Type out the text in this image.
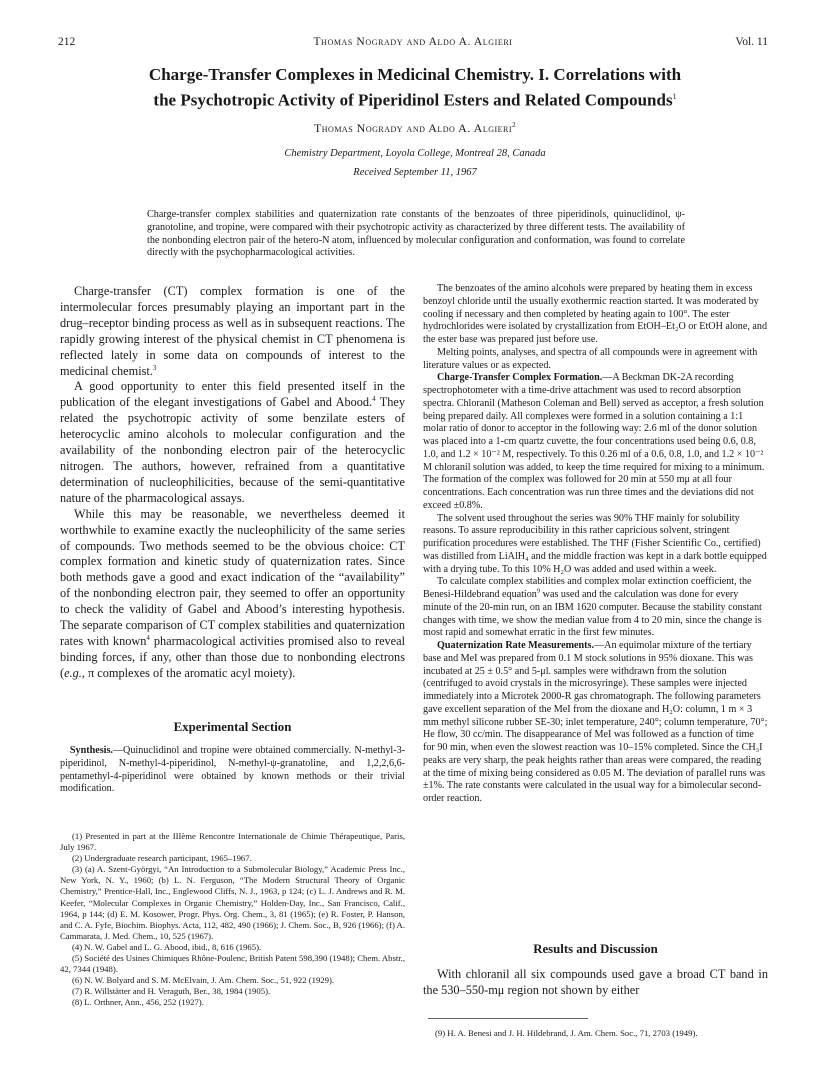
212	Thomas Nogrady and Aldo A. Algieri	Vol. 11
Charge-Transfer Complexes in Medicinal Chemistry. I. Correlations with
the Psychotropic Activity of Piperidinol Esters and Related Compounds$^1$
Thomas Nogrady and Aldo A. Algieri$^2$
Chemistry Department, Loyola College, Montreal 28, Canada
Received September 11, 1967
Charge-transfer complex stabilities and quaternization rate constants of the benzoates of three piperidinols, quinuclidinol, ψ-granotoline, and tropine, were compared with their psychotropic activity as characterized by three different tests. The availability of the nonbonding electron pair of the hetero-N atom, influenced by molecular configuration and conformation, was found to correlate directly with the psychopharmacological activities.

Charge-transfer (CT) complex formation is one of the intermolecular forces presumably playing an important part in the drug–receptor binding process as well as in subsequent reactions. The rapidly growing interest of the physical chemist in CT phenomena is reflected lately in some data on compounds of interest to the medicinal chemist.$^3$

A good opportunity to enter this field presented itself in the publication of the elegant investigations of Gabel and Abood.$^4$ They related the psychotropic activity of some benzilate esters of heterocyclic amino alcohols to molecular configuration and the availability of the nonbonding electron pair of the heterocyclic nitrogen. The authors, however, refrained from a quantitative determination of nucleophilicities, because of the semi-quantitative nature of the pharmacological assays.

While this may be reasonable, we nevertheless deemed it worthwhile to examine exactly the nucleophilicity of the same series of compounds. Two methods seemed to be the obvious choice: CT complex formation and kinetic study of quaternization rates. Since both methods gave a good and exact indication of the “availability” of the nonbonding electron pair, they seemed to offer an opportunity to check the validity of Gabel and Abood’s interesting hypothesis. The separate comparison of CT complex stabilities and quaternization rates with known$^4$ pharmacological activities promised also to reveal binding forces, if any, other than those due to nonbonding electrons (e.g., π complexes of the aromatic acyl moiety).

Experimental Section
Synthesis.—Quinuclidinol and tropine were obtained commercially. N-methyl-3-piperidinol, N-methyl-4-piperidinol, N-methyl-ψ-granatoline, and 1,2,2,6,6-pentamethyl-4-piperidinol were obtained by known methods or their trivial modification.
(1) Presented in part at the IIIème Rencontre Internationale de Chimie Thérapeutique, Paris, July 1967.
(2) Undergraduate research participant, 1965–1967.
(3) (a) A. Szent-Györgyi, “An Introduction to a Submolecular Biology,” Academic Press Inc., New York, N. Y., 1960; (b) L. N. Ferguson, “The Modern Structural Theory of Organic Chemistry,” Prentice-Hall, Inc., Englewood Cliffs, N. J., 1963, p 124; (c) L. J. Andrews and R. M. Keefer, “Molecular Complexes in Organic Chemistry,” Holden-Day, Inc., San Francisco, Calif., 1964, p 144; (d) E. M. Kosower, Progr. Phys. Org. Chem., 3, 81 (1965); (e) R. Foster, P. Hanson, and C. A. Fyfe, Biochim. Biophys. Acta, 112, 482, 490 (1966); J. Chem. Soc., B, 926 (1966); (f) A. Cammarata, J. Med. Chem., 10, 525 (1967).
(4) N. W. Gabel and L. G. Abood, ibid., 8, 616 (1965).
(5) Société des Usines Chimiques Rhône-Poulenc, British Patent 598,390 (1948); Chem. Abstr., 42, 7344 (1948).
(6) N. W. Bolyard and S. M. McElvain, J. Am. Chem. Soc., 51, 922 (1929).
(7) R. Willstätter and H. Veraguth, Ber., 38, 1984 (1905).
(8) L. Orthner, Ann., 456, 252 (1927).

The benzoates of the amino alcohols were prepared by heating them in excess benzoyl chloride until the usually exothermic reaction started. It was moderated by cooling if necessary and then completed by heating again to 100°. The ester hydrochlorides were isolated by crystallization from EtOH–Et₂O or EtOH alone, and the ester base was prepared just before use.

Melting points, analyses, and spectra of all compounds were in agreement with literature values or as expected.

Charge-Transfer Complex Formation.—A Beckman DK-2A recording spectrophotometer with a time-drive attachment was used to record absorption spectra. Chloranil (Matheson Coleman and Bell) served as acceptor, a fresh solution being prepared daily. All complexes were formed in a solution containing a 1:1 molar ratio of donor to acceptor in the following way: 2.6 ml of the donor solution was placed into a 1-cm quartz cuvette, the four concentrations used being 0.6, 0.8, 1.0, and 1.2 × 10⁻² M, respectively. To this 0.26 ml of a 0.6, 0.8, 1.0, and 1.2 × 10⁻² M chloranil solution was added, to keep the time required for mixing to a minimum. The formation of the complex was followed for 20 min at 550 mμ at all four concentrations. Each concentration was run three times and the deviations did not exceed ±0.8%.

The solvent used throughout the series was 90% THF mainly for solubility reasons. To assure reproducibility in this rather capricious solvent, stringent purification procedures were established. The THF (Fisher Scientific Co., certified) was distilled from LiAlH₄ and the middle fraction was kept in a dark bottle equipped with a drying tube. To this 10% H₂O was added and used within a week.

To calculate complex stabilities and complex molar extinction coefficient, the Benesi-Hildebrand equation$^9$ was used and the calculation was done for every minute of the 20-min run, on an IBM 1620 computer. Because the stability constant changes with time, we show the median value from 4 to 20 min, since the change is most rapid and somewhat erratic in the first few minutes.

Quaternization Rate Measurements.—An equimolar mixture of the tertiary base and MeI was prepared from 0.1 M stock solutions in 95% dioxane. This was incubated at 25 ± 0.5° and 5-μl. samples were withdrawn from the solution (centrifuged to avoid crystals in the microsyringe). These samples were injected immediately into a Microtek 2000-R gas chromatograph. The following parameters gave excellent separation of the MeI from the dioxane and H₂O: column, 1 m × 3 mm methyl silicone rubber SE-30; inlet temperature, 240°; column temperature, 70°; He flow, 30 cc/min. The disappearance of MeI was followed as a function of time for 90 min, when even the slowest reaction was 10–15% completed. Since the CH₃I peaks are very sharp, the peak heights rather than areas were compared, the reading at the time of mixing being considered as 0.05 M. The deviation of parallel runs was ±1%. The rate constants were calculated in the usual way for a bimolecular second-order reaction.

Results and Discussion

With chloranil all six compounds used gave a broad CT band in the 530–550-mμ region not shown by either

(9) H. A. Benesi and J. H. Hildebrand, J. Am. Chem. Soc., 71, 2703 (1949).
